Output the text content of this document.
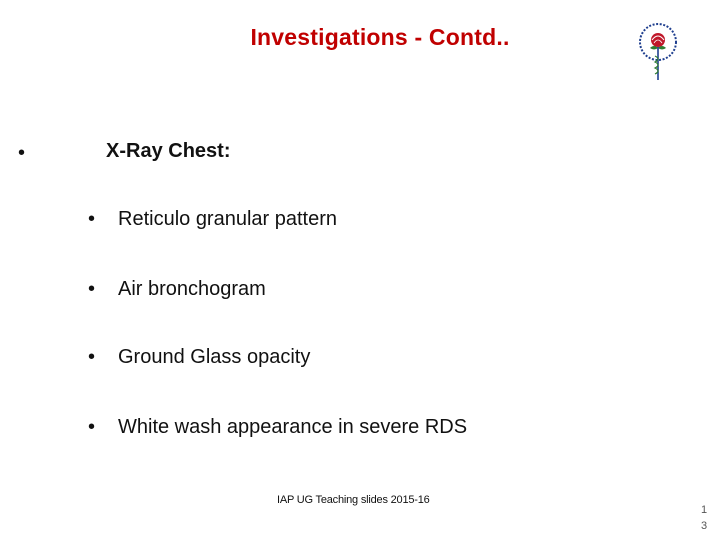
Investigations - Contd..
•	X-Ray Chest:
• Reticulo granular pattern
• Air bronchogram
• Ground Glass opacity
• White wash appearance in severe RDS
IAP UG Teaching slides 2015-16
1
3
